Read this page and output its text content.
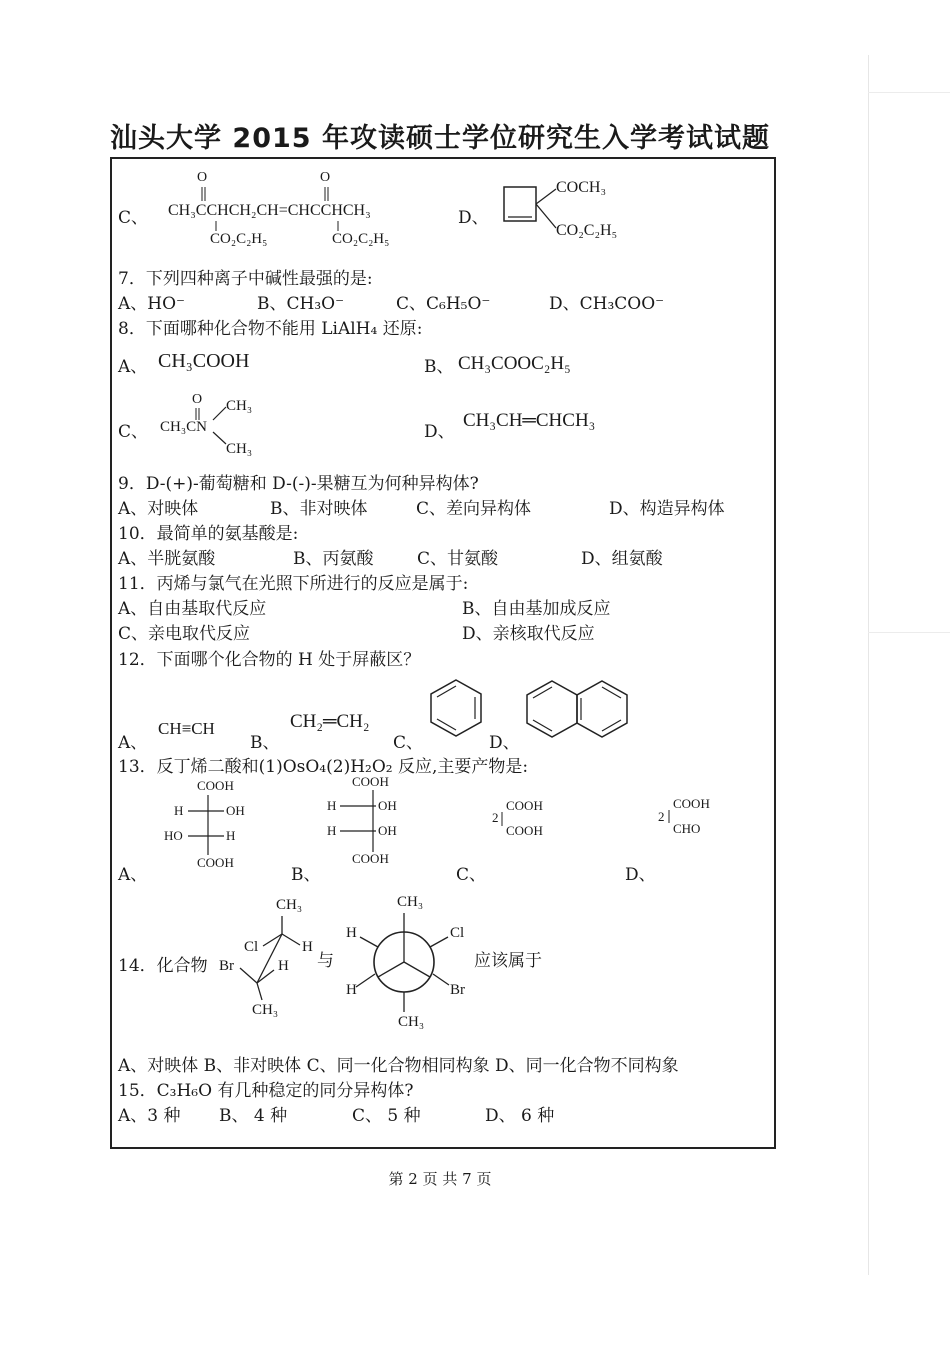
汕头大学 2015 年攻读硕士学位研究生入学考试试题
C、
O	O
CH₃CCHCH₂CH=CHCCHCH₃
CO₂C₂H₅	CO₂C₂H₅
D、
COCH₃
CO₂C₂H₅
7．下列四种离子中碱性最强的是:
A、HO⁻	B、CH₃O⁻	C、C₆H₅O⁻	D、CH₃COO⁻
8．下面哪种化合物不能用 LiAlH₄ 还原:
A、 CH₃COOH	B、 CH₃COOC₂H₅
C、
O
CH₃CN
CH₃
CH₃
D、
CH₃CH═CHCH₃
9．D-(+)-葡萄糖和 D-(-)-果糖互为何种异构体?
A、对映体	B、非对映体	C、差向异构体	D、构造异构体
10．最简单的氨基酸是:
A、半胱氨酸	B、丙氨酸	C、甘氨酸	D、组氨酸
11．丙烯与氯气在光照下所进行的反应是属于:
A、自由基取代反应	B、自由基加成反应
C、亲电取代反应	D、亲核取代反应
12．下面哪个化合物的 H 处于屏蔽区？
A、
CH≡CH
B、
CH₂═CH₂
C、	D、
13．反丁烯二酸和(1)OsO₄(2)H₂O₂ 反应,主要产物是:
A、	B、	C、	D、
COOH
H	OH
HO	H
COOH
COOH
H	OH
H	OH
COOH
2
COOH
COOH
2
COOH
CHO
14．化合物
CH₃
Cl	H
Br	H
CH₃
与
CH₃
H	Cl
H	Br
CH₃
应该属于
A、对映体 B、非对映体 C、同一化合物相同构象 D、同一化合物不同构象
15．C₃H₆O 有几种稳定的同分异构体?
A、3 种 B、 4 种	C、 5 种	D、 6 种
第 2 页 共 7 页
